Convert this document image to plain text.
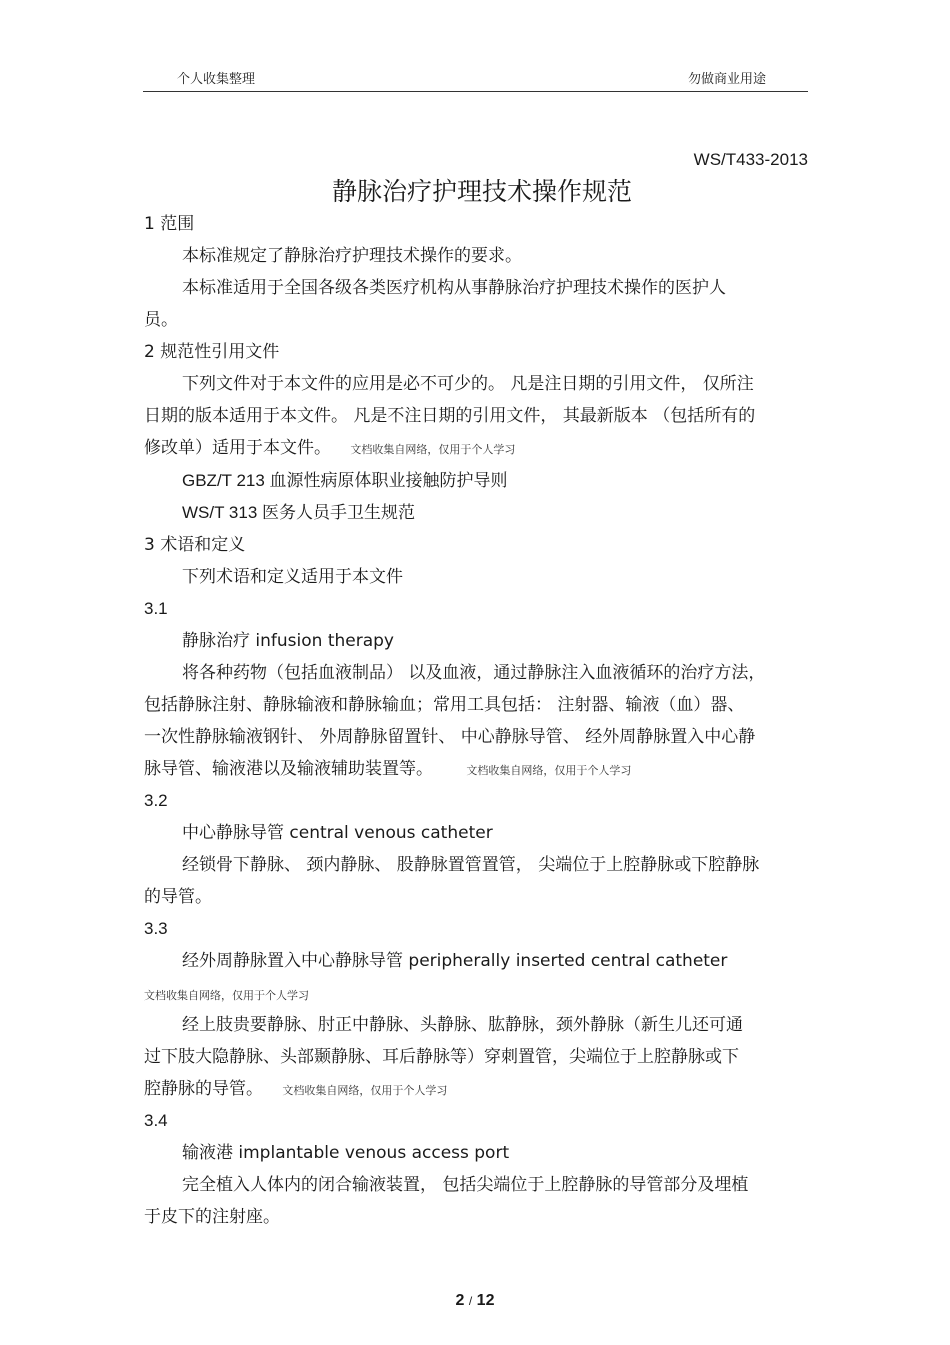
个人收集整理	勿做商业用途
WS/T433-2013
静脉治疗护理技术操作规范
1 范围
本标准规定了静脉治疗护理技术操作的要求。
本标准适用于全国各级各类医疗机构从事静脉治疗护理技术操作的医护人
员。
2 规范性引用文件
下列文件对于本文件的应用是必不可少的。 凡是注日期的引用文件， 仅所注
日期的版本适用于本文件。 凡是不注日期的引用文件， 其最新版本 （包括所有的
修改单）适用于本文件。 文档收集自网络，仅用于个人学习
GBZ/T 213 血源性病原体职业接触防护导则
WS/T 313 医务人员手卫生规范
3 术语和定义
下列术语和定义适用于本文件
3.1
静脉治疗 infusion therapy
将各种药物（包括血液制品） 以及血液，通过静脉注入血液循环的治疗方法，
包括静脉注射、静脉输液和静脉输血；常用工具包括： 注射器、输液（血）器、
一次性静脉输液钢针、 外周静脉留置针、 中心静脉导管、 经外周静脉置入中心静
脉导管、输液港以及输液辅助装置等。	文档收集自网络，仅用于个人学习
3.2
中心静脉导管 central venous catheter
经锁骨下静脉、 颈内静脉、 股静脉置管置管， 尖端位于上腔静脉或下腔静脉
的导管。
3.3
经外周静脉置入中心静脉导管 peripherally inserted central catheter
文档收集自网络，仅用于个人学习
经上肢贵要静脉、肘正中静脉、头静脉、肱静脉，颈外静脉（新生儿还可通
过下肢大隐静脉、头部颞静脉、耳后静脉等）穿刺置管，尖端位于上腔静脉或下
腔静脉的导管。 文档收集自网络，仅用于个人学习
3.4
输液港 implantable venous access port
完全植入人体内的闭合输液装置， 包括尖端位于上腔静脉的导管部分及埋植
于皮下的注射座。
2 / 12
